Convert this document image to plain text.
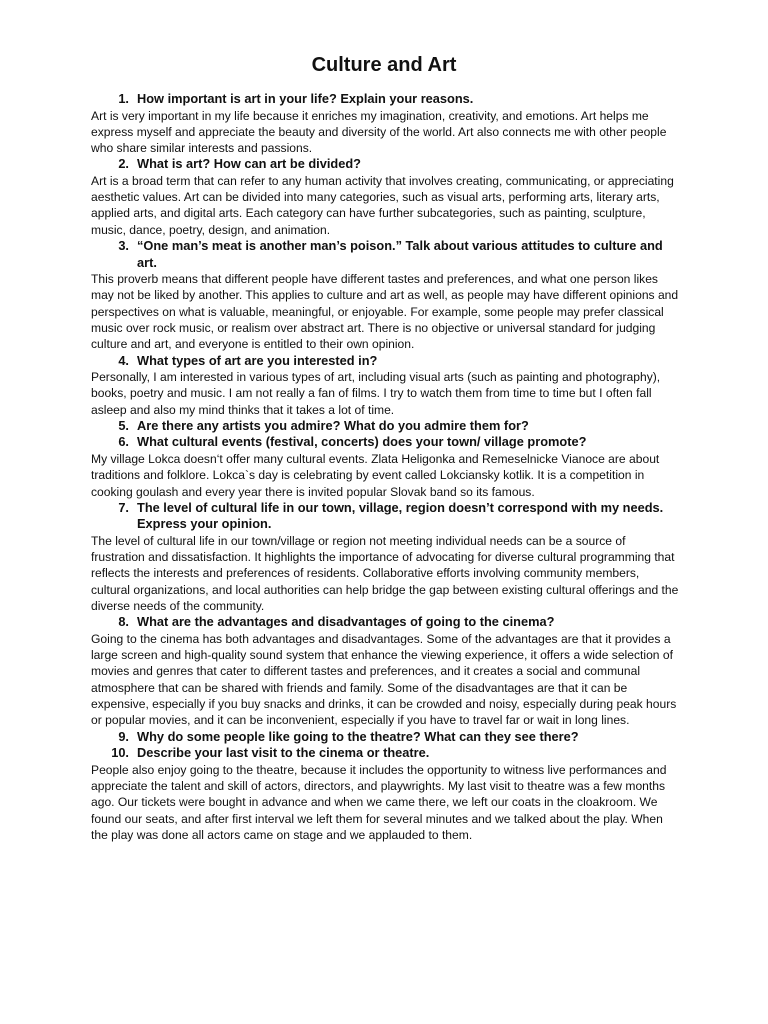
Culture and Art
1. How important is art in your life? Explain your reasons.

Art is very important in my life because it enriches my imagination, creativity, and emotions. Art helps me express myself and appreciate the beauty and diversity of the world. Art also connects me with other people who share similar interests and passions.

2. What is art? How can art be divided?

Art is a broad term that can refer to any human activity that involves creating, communicating, or appreciating aesthetic values. Art can be divided into many categories, such as visual arts, performing arts, literary arts, applied arts, and digital arts. Each category can have further subcategories, such as painting, sculpture, music, dance, poetry, design, and animation.

3. “One man’s meat is another man’s poison.” Talk about various attitudes to culture and art.

This proverb means that different people have different tastes and preferences, and what one person likes may not be liked by another. This applies to culture and art as well, as people may have different opinions and perspectives on what is valuable, meaningful, or enjoyable. For example, some people may prefer classical music over rock music, or realism over abstract art. There is no objective or universal standard for judging culture and art, and everyone is entitled to their own opinion.

4. What types of art are you interested in?

Personally, I am interested in various types of art, including visual arts (such as painting and photography), books, poetry and music. I am not really a fan of films. I try to watch them from time to time but I often fall asleep and also my mind thinks that it takes a lot of time.

5. Are there any artists you admire? What do you admire them for?
6. What cultural events (festival, concerts) does your town/ village promote?

My village Lokca doesn‘t offer many cultural events. Zlata Heligonka and Remeselnicke Vianoce are about traditions and folklore. Lokca`s day is celebrating by event called Lokciansky kotlik. It is a competition in cooking goulash and every year there is invited popular Slovak band so its famous.

7. The level of cultural life in our town, village, region doesn’t correspond with my needs. Express your opinion.

The level of cultural life in our town/village or region not meeting individual needs can be a source of frustration and dissatisfaction. It highlights the importance of advocating for diverse cultural programming that reflects the interests and preferences of residents. Collaborative efforts involving community members, cultural organizations, and local authorities can help bridge the gap between existing cultural offerings and the diverse needs of the community.

8. What are the advantages and disadvantages of going to the cinema?

Going to the cinema has both advantages and disadvantages. Some of the advantages are that it provides a large screen and high-quality sound system that enhance the viewing experience, it offers a wide selection of movies and genres that cater to different tastes and preferences, and it creates a social and communal atmosphere that can be shared with friends and family. Some of the disadvantages are that it can be expensive, especially if you buy snacks and drinks, it can be crowded and noisy, especially during peak hours or popular movies, and it can be inconvenient, especially if you have to travel far or wait in long lines.

9. Why do some people like going to the theatre? What can they see there?
10. Describe your last visit to the cinema or theatre.

People also enjoy going to the theatre, because it includes the opportunity to witness live performances and appreciate the talent and skill of actors, directors, and playwrights. My last visit to theatre was a few months ago. Our tickets were bought in advance and when we came there, we left our coats in the cloakroom. We found our seats, and after first interval we left them for several minutes and we talked about the play. When the play was done all actors came on stage and we applauded to them.
